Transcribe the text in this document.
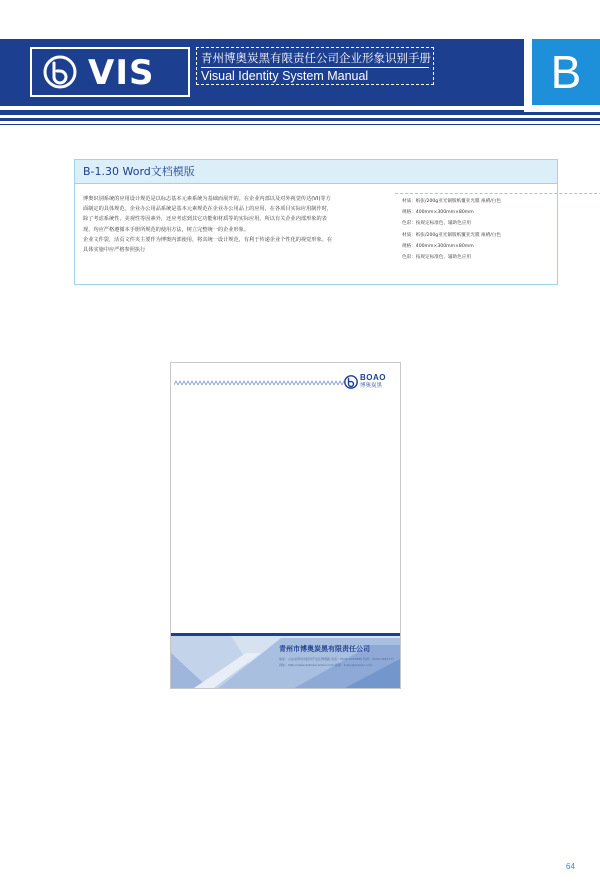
VIS	青州博奥炭黑有限责任公司企业形象识别手册
Visual Identity System Manual	B
B-1.30 Word文档模版

博奥识别系统的应用设计规范是以标志基本元素系统为基础而展开的。在企业内部以及对外视觉传达(VI)等方面制定的具体规范。企业办公用品系统是基本元素规范在企业办公用品上的应用，在各项目实际应用制作时，除了考虑系统性，美观性等因素外，还应考虑到其它功能和材质等的实际应用。所以有关企业内部形象的表现，均应严格遵循本手册所规范的使用方法，树立完整统一的企业形象。

企业文件袋，活页文件夹主要作为博奥内部使用，将其统一设计规范，有利于传递企业个性化的视觉形象。在具体实施中应严格参照执行

材质：纸张/200g亚光铜版纸覆亚光膜 裱褙/白色
规格：400mm×300mm×80mm
色彩：按规定标准色、辅助色应用
材质：纸张/200g亚光铜版纸覆亚光膜 裱褙/白色
规格：400mm×300mm×80mm
色彩：按规定标准色、辅助色应用
BOAO
博奥炭黑
青州市博奥炭黑有限责任公司
地址：山东省青州市经济开发区博奥路 电话：0536-3263888 传真：0536-3263777
网址：http://www.qzboaocarbon.com 邮箱：boao@qzboao.com
64
